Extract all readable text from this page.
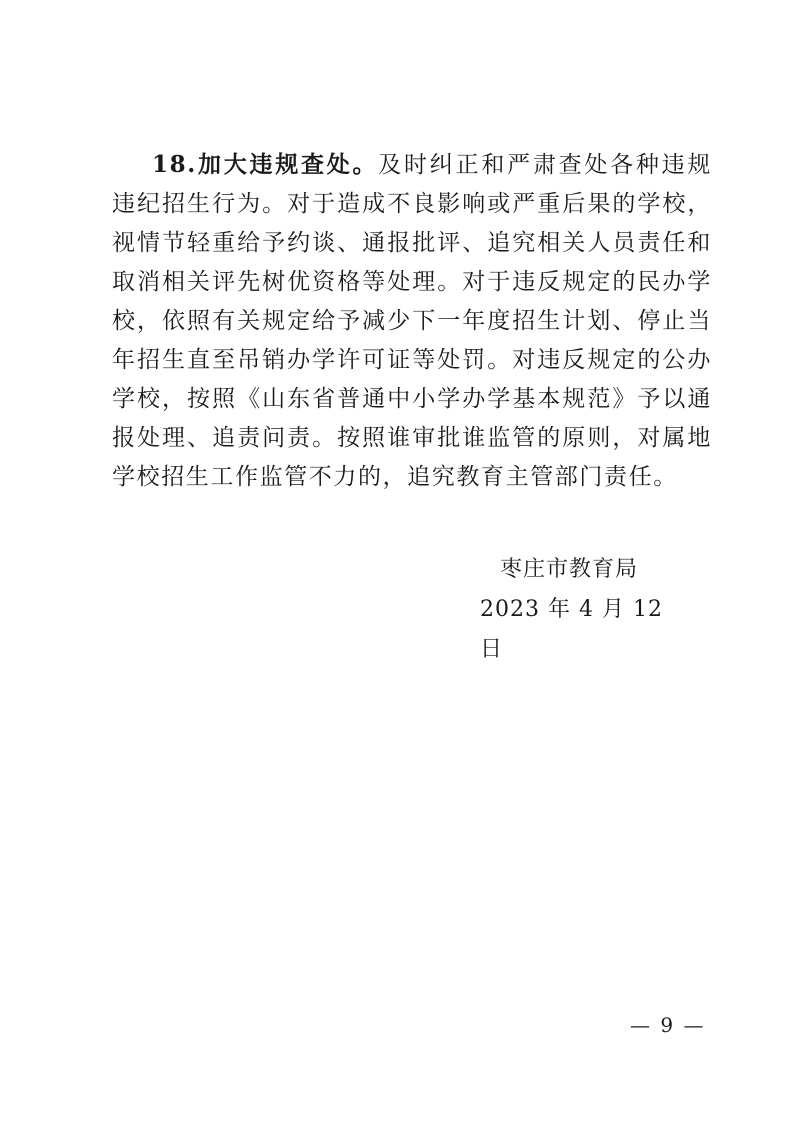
18.加大违规查处。及时纠正和严肃查处各种违规违纪招生行为。对于造成不良影响或严重后果的学校，视情节轻重给予约谈、通报批评、追究相关人员责任和取消相关评先树优资格等处理。对于违反规定的民办学校，依照有关规定给予减少下一年度招生计划、停止当年招生直至吊销办学许可证等处罚。对违反规定的公办学校，按照《山东省普通中小学办学基本规范》予以通报处理、追责问责。按照谁审批谁监管的原则，对属地学校招生工作监管不力的，追究教育主管部门责任。

枣庄市教育局
2023 年 4 月 12 日
— 9 —
